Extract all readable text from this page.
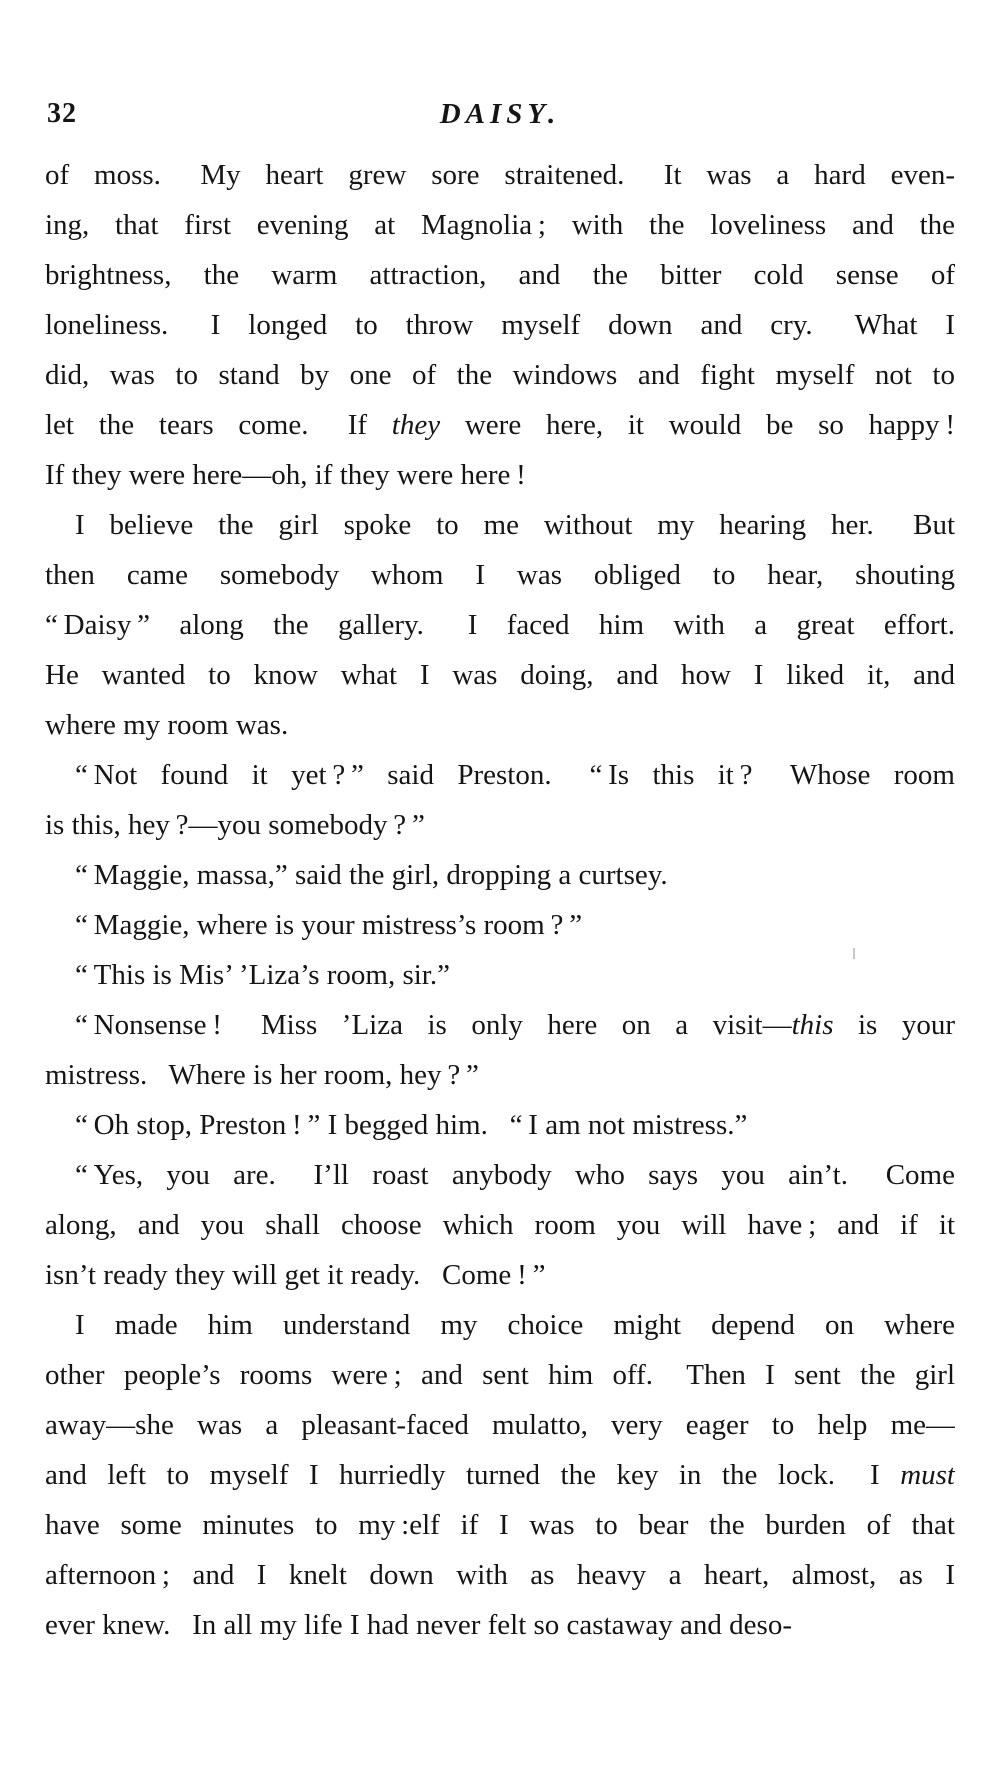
32	DAISY.
of moss.  My heart grew sore straitened.  It was a hard even-
ing, that first evening at Magnolia ; with the loveliness and the
brightness, the warm attraction, and the bitter cold sense of
loneliness.  I longed to throw myself down and cry.  What I
did, was to stand by one of the windows and fight myself not to
let the tears come.  If they were here, it would be so happy !
If they were here—oh, if they were here !
I believe the girl spoke to me without my hearing her.  But
then came somebody whom I was obliged to hear, shouting
“ Daisy ” along the gallery.  I faced him with a great effort.
He wanted to know what I was doing, and how I liked it, and
where my room was.
“ Not found it yet ? ” said Preston.  “ Is this it ?  Whose room
is this, hey ?—you somebody ? ”
“ Maggie, massa,” said the girl, dropping a curtsey.
“ Maggie, where is your mistress’s room ? ”
“ This is Mis’ ’Liza’s room, sir.”
“ Nonsense !  Miss ’Liza is only here on a visit—this is your
mistress.  Where is her room, hey ? ”
“ Oh stop, Preston ! ” I begged him.  “ I am not mistress.”
“ Yes, you are.  I’ll roast anybody who says you ain’t.  Come
along, and you shall choose which room you will have ; and if it
isn’t ready they will get it ready.  Come ! ”
I made him understand my choice might depend on where
other people’s rooms were ; and sent him off.  Then I sent the girl
away—she was a pleasant-faced mulatto, very eager to help me—
and left to myself I hurriedly turned the key in the lock.  I must
have some minutes to my :elf if I was to bear the burden of that
afternoon ; and I knelt down with as heavy a heart, almost, as I
ever knew.  In all my life I had never felt so castaway and deso-
